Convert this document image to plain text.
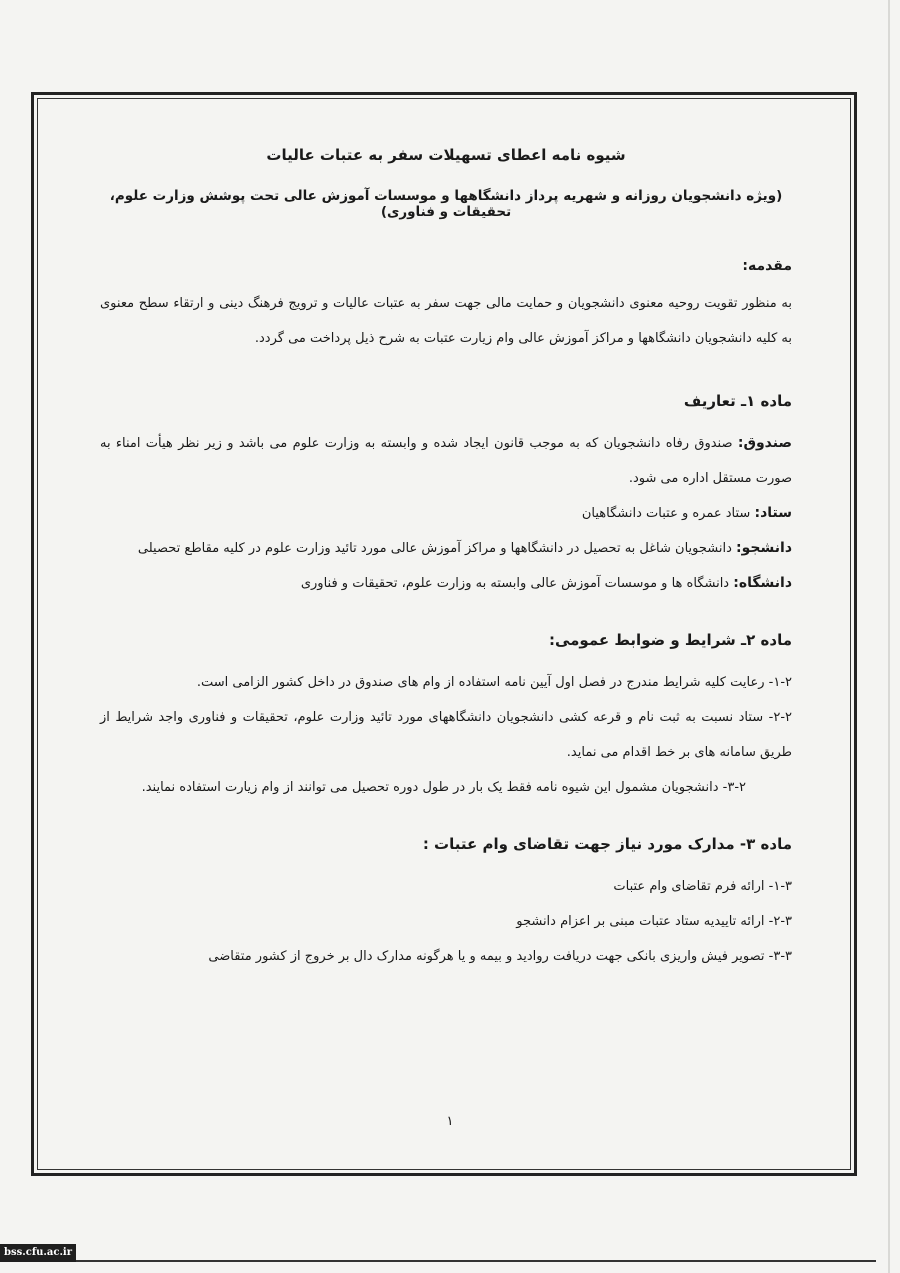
شیوه نامه اعطای تسهیلات سفر به عتبات عالیات
(ویژه دانشجویان روزانه و شهریه پرداز دانشگاهها و موسسات آموزش عالی تحت پوشش وزارت علوم، تحقیقات و فناوری)
مقدمه:

به منظور تقویت روحیه معنوی دانشجویان و حمایت مالی جهت سفر به عتبات عالیات و ترویج فرهنگ دینی و ارتقاء سطح معنوی به کلیه دانشجویان دانشگاهها و مراکز آموزش عالی وام زیارت عتبات به شرح ذیل پرداخت می گردد.

ماده ۱ـ تعاریف

صندوق: صندوق رفاه دانشجویان که به موجب قانون ایجاد شده و وابسته به وزارت علوم می باشد و زیر نظر هیأت امناء به صورت مستقل اداره می شود.

ستاد: ستاد عمره و عتبات دانشگاهیان

دانشجو: دانشجویان شاغل به تحصیل در دانشگاهها و مراکز آموزش عالی مورد تائید وزارت علوم در کلیه مقاطع تحصیلی

دانشگاه: دانشگاه ها و موسسات آموزش عالی وابسته به وزارت علوم، تحقیقات و فناوری

ماده ۲ـ شرایط و ضوابط عمومی:

۱-۲- رعایت کلیه شرایط مندرج در فصل اول آیین نامه استفاده از وام های صندوق در داخل کشور الزامی است.

۲-۲- ستاد نسبت به ثبت نام و قرعه کشی دانشجویان دانشگاههای مورد تائید وزارت علوم، تحقیقات و فناوری واجد شرایط از طریق سامانه های بر خط اقدام می نماید.

۳-۲- دانشجویان مشمول این شیوه نامه فقط یک بار در طول دوره تحصیل می توانند از وام زیارت استفاده نمایند.

ماده ۳- مدارک مورد نیاز جهت تقاضای وام عتبات :

۱-۳- ارائه فرم تقاضای وام عتبات

۲-۳- ارائه تاییدیه ستاد عتبات مبنی بر اعزام دانشجو

۳-۳- تصویر فیش واریزی بانکی جهت دریافت روادید و بیمه و یا هرگونه مدارک دال بر خروج از کشور متقاضی

۱
bss.cfu.ac.ir
